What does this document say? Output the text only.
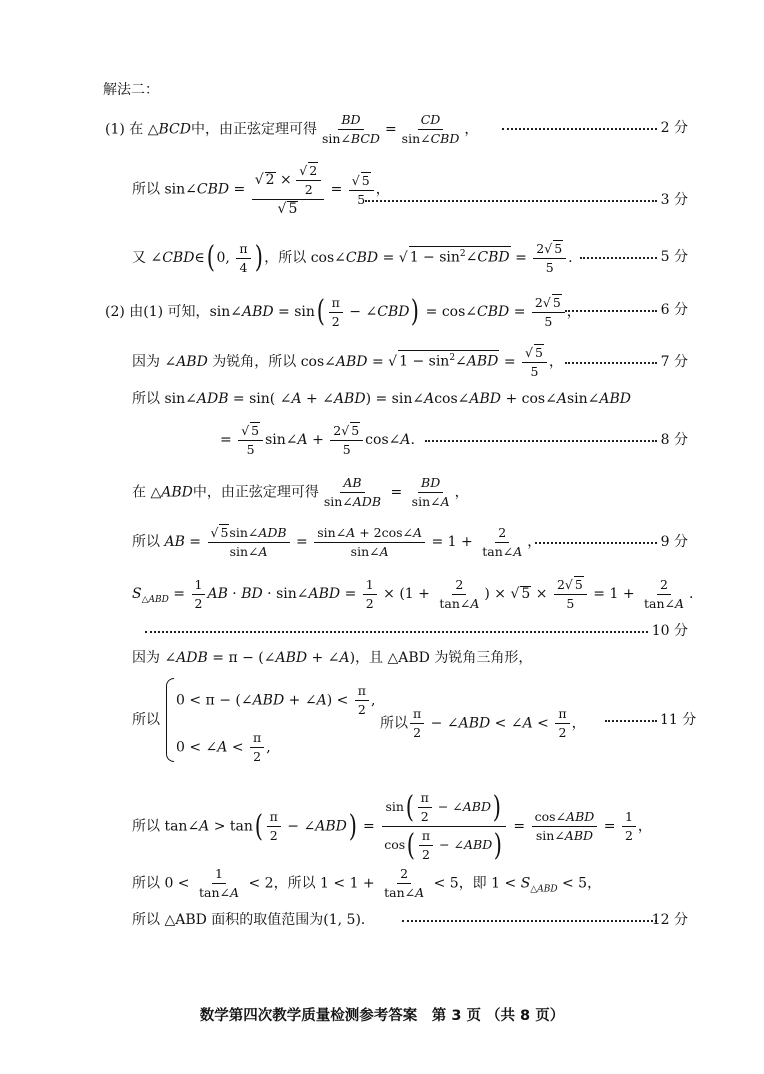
解法二：
(1) 在 △BCD中，由正弦定理可得 $\frac{BD}{\text{sin∠BCD}} = \frac{CD}{\text{sin∠CBD}}$ ，	2 分
所以 sin∠CBD = $\frac{√ 2 \times \frac{√ 2}{2}}{√ 5} = \frac{√ 5}{5}$ ，
3 分
又 ∠CBD∈( 0, $\frac{\pi}{4}$ ) ，所以 cos∠CBD = √ $1 - \sin^2\angle CBD = \frac{2√ 5}{5}$ .	5 分
(2) 由(1) 可知，sin∠ABD = $\sin( \frac{\pi}{2}$ − ∠CBD) = cos∠CBD = $\frac{2√ 5}{5}$ ，	6 分
因为 ∠ABD 为锐角，所以 cos∠ABD = √ $1 - \sin^2\angle ABD = \frac{√ 5}{5}$ ，	7 分
所以 sin∠ADB = sin( ∠A + ∠ABD) = sin∠Acos∠ABD + cos∠Asin∠ABD
= $\frac{√ 5}{5}$ sin∠A + $\frac{2√ 5}{5}$ cos∠A.	8 分
在 △ABD中，由正弦定理可得 $\frac{AB}{\text{sin∠ADB}} = \frac{BD}{\sin\angle A}$ ，
所以 AB = $\frac{\text{√ 5sin∠ADB}}{\sin\angle A} = \frac{\sin\angle A + 2\cos\angle A}{\sin\angle A} = 1 + \frac{2}{\tan\angle A}$ ，	9 分
$S_{\triangle ABD} = \frac{1}{2}$ AB · BD · sin∠ABD = $\frac{1}{2} \times (1 + \frac{2}{\tan\angle A}$ ) × √ $5 \times \frac{2√ 5}{5} = 1 + \frac{2}{\tan\angle A}$ .
10 分
因为 ∠ADB = π − (∠ABD + ∠A)，且 △ABD 为锐角三角形，
所以
0 < π − (∠ABD + ∠A) < $\frac{\pi}{2}$ ,
0 < ∠A < $\frac{\pi}{2}$ ,
所以 $\frac{\pi}{2}$ − ∠ABD < ∠A < $\frac{\pi}{2}$ ，	11 分
所以 tan∠A > $\tan( \frac{\pi}{2}$ − ∠ABD) = $\frac{\sin( \frac{\pi}{2} - \angle ABD)}{\cos( \frac{\pi}{2} - \angle ABD)} = \frac{\text{cos∠ABD}}{\text{sin∠ABD}} = \frac{1}{2}$ ，
所以 $0 < \frac{1}{\tan\angle A} < 2$，所以 $1 < 1 + \frac{2}{\tan\angle A} < 5$，即 $1 < S_{\triangle ABD} < 5$，
所以 △ABD 面积的取值范围为(1, 5)．	12 分
数学第四次教学质量检测参考答案　第 3 页 （共 8 页）
